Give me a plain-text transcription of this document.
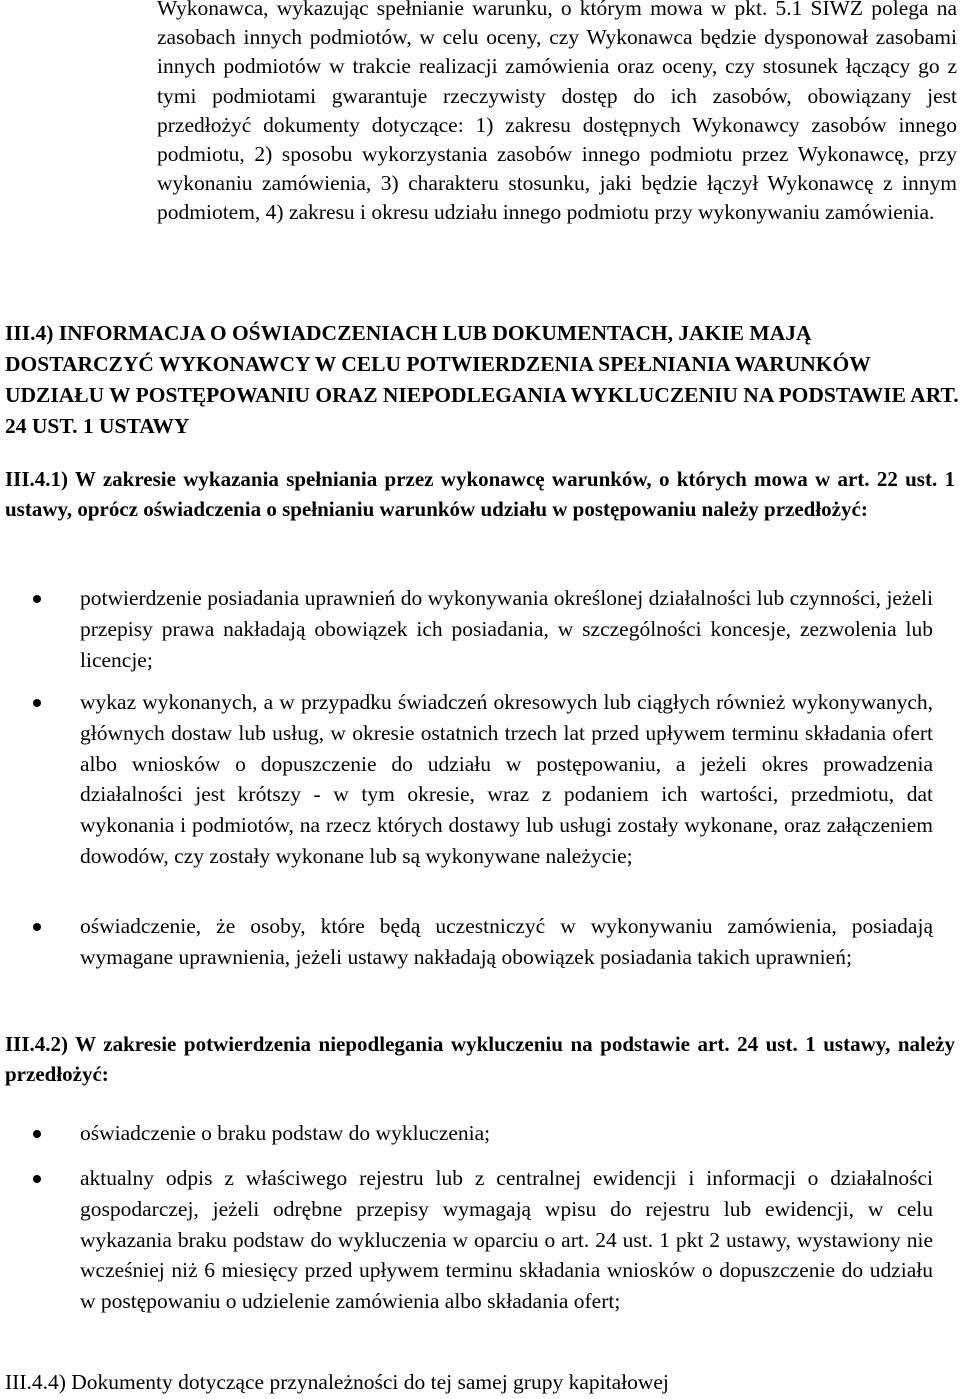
Wykonawca, wykazując spełnianie warunku, o którym mowa w pkt. 5.1 SIWZ polega na zasobach innych podmiotów, w celu oceny, czy Wykonawca będzie dysponował zasobami innych podmiotów w trakcie realizacji zamówienia oraz oceny, czy stosunek łączący go z tymi podmiotami gwarantuje rzeczywisty dostęp do ich zasobów, obowiązany jest przedłożyć dokumenty dotyczące: 1) zakresu dostępnych Wykonawcy zasobów innego podmiotu, 2) sposobu wykorzystania zasobów innego podmiotu przez Wykonawcę, przy wykonaniu zamówienia, 3) charakteru stosunku, jaki będzie łączył Wykonawcę z innym podmiotem, 4) zakresu i okresu udziału innego podmiotu przy wykonywaniu zamówienia.

III.4) INFORMACJA O OŚWIADCZENIACH LUB DOKUMENTACH, JAKIE MAJĄ DOSTARCZYĆ WYKONAWCY W CELU POTWIERDZENIA SPEŁNIANIA WARUNKÓW UDZIAŁU W POSTĘPOWANIU ORAZ NIEPODLEGANIA WYKLUCZENIU NA PODSTAWIE ART. 24 UST. 1 USTAWY

III.4.1) W zakresie wykazania spełniania przez wykonawcę warunków, o których mowa w art. 22 ust. 1 ustawy, oprócz oświadczenia o spełnianiu warunków udziału w postępowaniu należy przedłożyć:

potwierdzenie posiadania uprawnień do wykonywania określonej działalności lub czynności, jeżeli przepisy prawa nakładają obowiązek ich posiadania, w szczególności koncesje, zezwolenia lub licencje;
wykaz wykonanych, a w przypadku świadczeń okresowych lub ciągłych również wykonywanych, głównych dostaw lub usług, w okresie ostatnich trzech lat przed upływem terminu składania ofert albo wniosków o dopuszczenie do udziału w postępowaniu, a jeżeli okres prowadzenia działalności jest krótszy - w tym okresie, wraz z podaniem ich wartości, przedmiotu, dat wykonania i podmiotów, na rzecz których dostawy lub usługi zostały wykonane, oraz załączeniem dowodów, czy zostały wykonane lub są wykonywane należycie;
oświadczenie, że osoby, które będą uczestniczyć w wykonywaniu zamówienia, posiadają wymagane uprawnienia, jeżeli ustawy nakładają obowiązek posiadania takich uprawnień;

III.4.2) W zakresie potwierdzenia niepodlegania wykluczeniu na podstawie art. 24 ust. 1 ustawy, należy przedłożyć:

oświadczenie o braku podstaw do wykluczenia;
aktualny odpis z właściwego rejestru lub z centralnej ewidencji i informacji o działalności gospodarczej, jeżeli odrębne przepisy wymagają wpisu do rejestru lub ewidencji, w celu wykazania braku podstaw do wykluczenia w oparciu o art. 24 ust. 1 pkt 2 ustawy, wystawiony nie wcześniej niż 6 miesięcy przed upływem terminu składania wniosków o dopuszczenie do udziału w postępowaniu o udzielenie zamówienia albo składania ofert;

III.4.4) Dokumenty dotyczące przynależności do tej samej grupy kapitałowej
